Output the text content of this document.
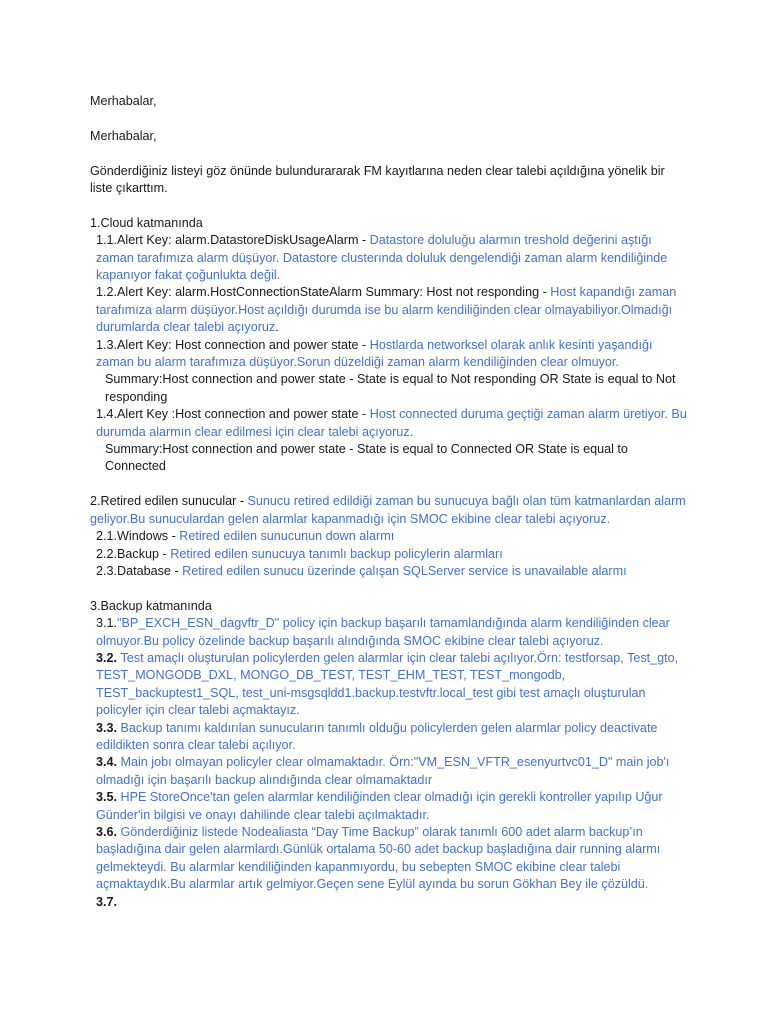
Merhabalar,

Merhabalar,

Gönderdiğiniz listeyi göz önünde bulundurararak FM kayıtlarına neden clear talebi açıldığına yönelik bir liste çıkarttım.

1.Cloud katmanında

1.1.Alert Key: alarm.DatastoreDiskUsageAlarm - Datastore doluluğu alarmın treshold değerini aştığı zaman tarafımıza alarm düşüyor. Datastore clusterında doluluk dengelendiği zaman alarm kendiliğinde kapanıyor fakat çoğunlukta değil.

1.2.Alert Key: alarm.HostConnectionStateAlarm Summary: Host not responding - Host kapandığı zaman tarafımıza alarm düşüyor.Host açıldığı durumda ise bu alarm kendiliğinden clear olmayabiliyor.Olmadığı durumlarda clear talebi açıyoruz.

1.3.Alert Key: Host connection and power state - Hostlarda networksel olarak anlık kesinti yaşandığı zaman bu alarm tarafımıza düşüyor.Sorun düzeldiği zaman alarm kendiliğinden clear olmuyor.

Summary:Host connection and power state - State is equal to Not responding OR State is equal to Not responding

1.4.Alert Key :Host connection and power state - Host connected duruma geçtiği zaman alarm üretiyor. Bu durumda alarmın clear edilmesi için clear talebi açıyoruz.

Summary:Host connection and power state - State is equal to Connected OR State is equal to Connected

2.Retired edilen sunucular - Sunucu retired edildiği zaman bu sunucuya bağlı olan tüm katmanlardan alarm geliyor.Bu sunuculardan gelen alarmlar kapanmadığı için SMOC ekibine clear talebi açıyoruz.

2.1.Windows - Retired edilen sunucunun down alarmı

2.2.Backup - Retired edilen sunucuya tanımlı backup policylerin alarmları

2.3.Database - Retired edilen sunucu üzerinde çalışan SQLServer service is unavailable alarmı

3.Backup katmanında

3.1."BP_EXCH_ESN_dagvftr_D" policy için backup başarılı tamamlandığında alarm kendiliğinden clear olmuyor.Bu policy özelinde backup başarılı alındığında SMOC ekibine clear talebi açıyoruz.

3.2. Test amaçlı oluşturulan policylerden gelen alarmlar için clear talebi açılıyor.Örn: testforsap, Test_gto, TEST_MONGODB_DXL, MONGO_DB_TEST, TEST_EHM_TEST, TEST_mongodb, TEST_backuptest1_SQL, test_uni-msgsqldd1.backup.testvftr.local_test gibi test amaçlı oluşturulan policyler için clear talebi açmaktayız.

3.3. Backup tanımı kaldırılan sunucuların tanımlı olduğu policylerden gelen alarmlar policy deactivate edildikten sonra clear talebi açılıyor.

3.4. Main jobı olmayan policyler clear olmamaktadır. Örn:"VM_ESN_VFTR_esenyurtvc01_D" main job'ı olmadığı için başarılı backup alındığında clear olmamaktadır

3.5. HPE StoreOnce'tan gelen alarmlar kendiliğinden clear olmadığı için gerekli kontroller yapılıp Uğur Günder'in bilgisi ve onayı dahilinde clear talebi açılmaktadır.

3.6. Gönderdiğiniz listede Nodealiasta “Day Time Backup” olarak tanımlı 600 adet alarm backup’ın başladığına dair gelen alarmlardı.Günlük ortalama 50-60 adet backup başladığına dair running alarmı gelmekteydi. Bu alarmlar kendiliğinden kapanmıyordu, bu sebepten SMOC ekibine clear talebi açmaktaydık.Bu alarmlar artık gelmiyor.Geçen sene Eylül ayında bu sorun Gökhan Bey ile çözüldü.

3.7.
